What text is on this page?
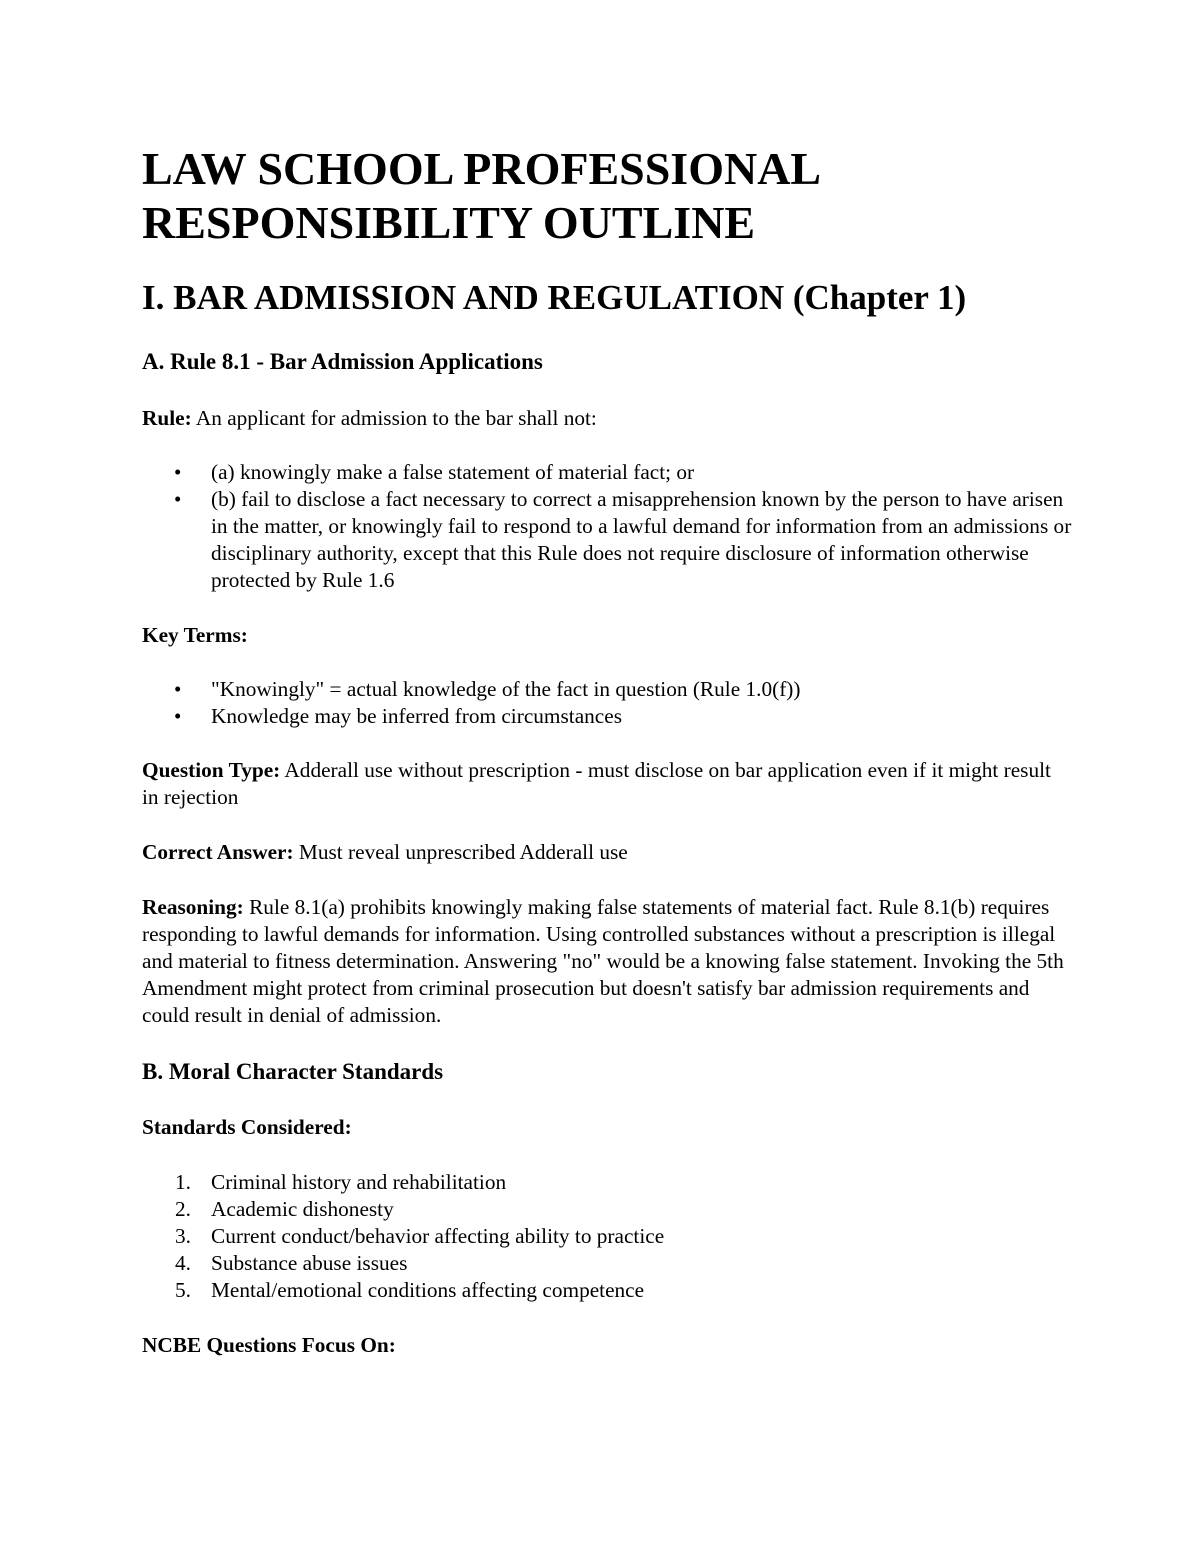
LAW SCHOOL PROFESSIONAL RESPONSIBILITY OUTLINE
I. BAR ADMISSION AND REGULATION (Chapter 1)
A. Rule 8.1 - Bar Admission Applications

Rule: An applicant for admission to the bar shall not:

• (a) knowingly make a false statement of material fact; or
• (b) fail to disclose a fact necessary to correct a misapprehension known by the person to have arisen in the matter, or knowingly fail to respond to a lawful demand for information from an admissions or disciplinary authority, except that this Rule does not require disclosure of information otherwise protected by Rule 1.6

Key Terms:

• "Knowingly" = actual knowledge of the fact in question (Rule 1.0(f))
• Knowledge may be inferred from circumstances

Question Type: Adderall use without prescription - must disclose on bar application even if it might result in rejection

Correct Answer: Must reveal unprescribed Adderall use

Reasoning: Rule 8.1(a) prohibits knowingly making false statements of material fact. Rule 8.1(b) requires responding to lawful demands for information. Using controlled substances without a prescription is illegal and material to fitness determination. Answering "no" would be a knowing false statement. Invoking the 5th Amendment might protect from criminal prosecution but doesn't satisfy bar admission requirements and could result in denial of admission.

B. Moral Character Standards

Standards Considered:

1. Criminal history and rehabilitation
2. Academic dishonesty
3. Current conduct/behavior affecting ability to practice
4. Substance abuse issues
5. Mental/emotional conditions affecting competence

NCBE Questions Focus On:
